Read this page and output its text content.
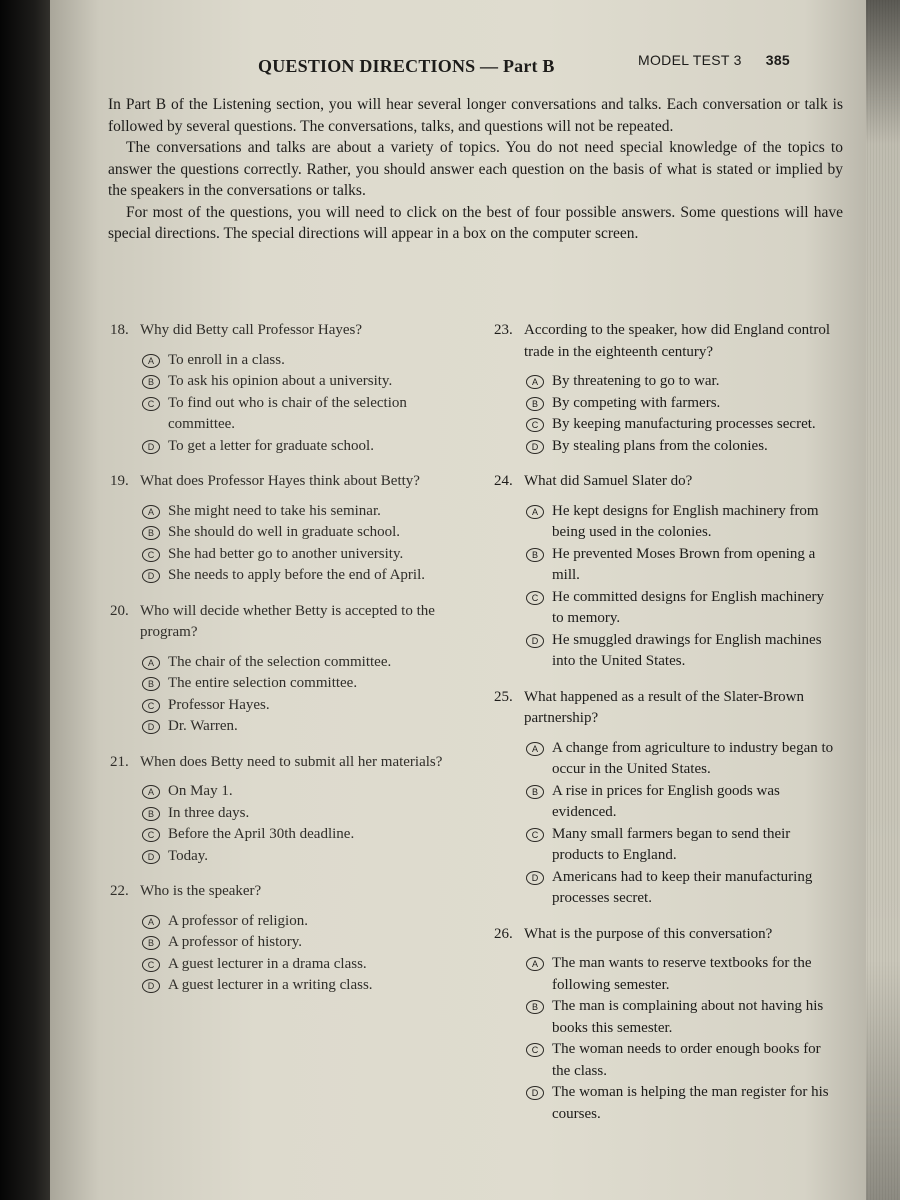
MODEL TEST 3 385
QUESTION DIRECTIONS — Part B

In Part B of the Listening section, you will hear several longer conversations and talks. Each conversation or talk is followed by several questions. The conversations, talks, and questions will not be repeated.

The conversations and talks are about a variety of topics. You do not need special knowledge of the topics to answer the questions correctly. Rather, you should answer each question on the basis of what is stated or implied by the speakers in the conversations or talks.

For most of the questions, you will need to click on the best of four possible answers. Some questions will have special directions. The special directions will appear in a box on the computer screen.

18. Why did Betty call Professor Hayes?
A To enroll in a class.
B To ask his opinion about a university.
C To find out who is chair of the selection committee.
D To get a letter for graduate school.
19. What does Professor Hayes think about Betty?
A She might need to take his seminar.
B She should do well in graduate school.
C She had better go to another university.
D She needs to apply before the end of April.
20. Who will decide whether Betty is accepted to the program?
A The chair of the selection committee.
B The entire selection committee.
C Professor Hayes.
D Dr. Warren.
21. When does Betty need to submit all her materials?
A On May 1.
B In three days.
C Before the April 30th deadline.
D Today.
22. Who is the speaker?
A A professor of religion.
B A professor of history.
C A guest lecturer in a drama class.
D A guest lecturer in a writing class.
23. According to the speaker, how did England control trade in the eighteenth century?
A By threatening to go to war.
B By competing with farmers.
C By keeping manufacturing processes secret.
D By stealing plans from the colonies.
24. What did Samuel Slater do?
A He kept designs for English machinery from being used in the colonies.
B He prevented Moses Brown from opening a mill.
C He committed designs for English machinery to memory.
D He smuggled drawings for English machines into the United States.
25. What happened as a result of the Slater-Brown partnership?
A A change from agriculture to industry began to occur in the United States.
B A rise in prices for English goods was evidenced.
C Many small farmers began to send their products to England.
D Americans had to keep their manufacturing processes secret.
26. What is the purpose of this conversation?
A The man wants to reserve textbooks for the following semester.
B The man is complaining about not having his books this semester.
C The woman needs to order enough books for the class.
D The woman is helping the man register for his courses.
